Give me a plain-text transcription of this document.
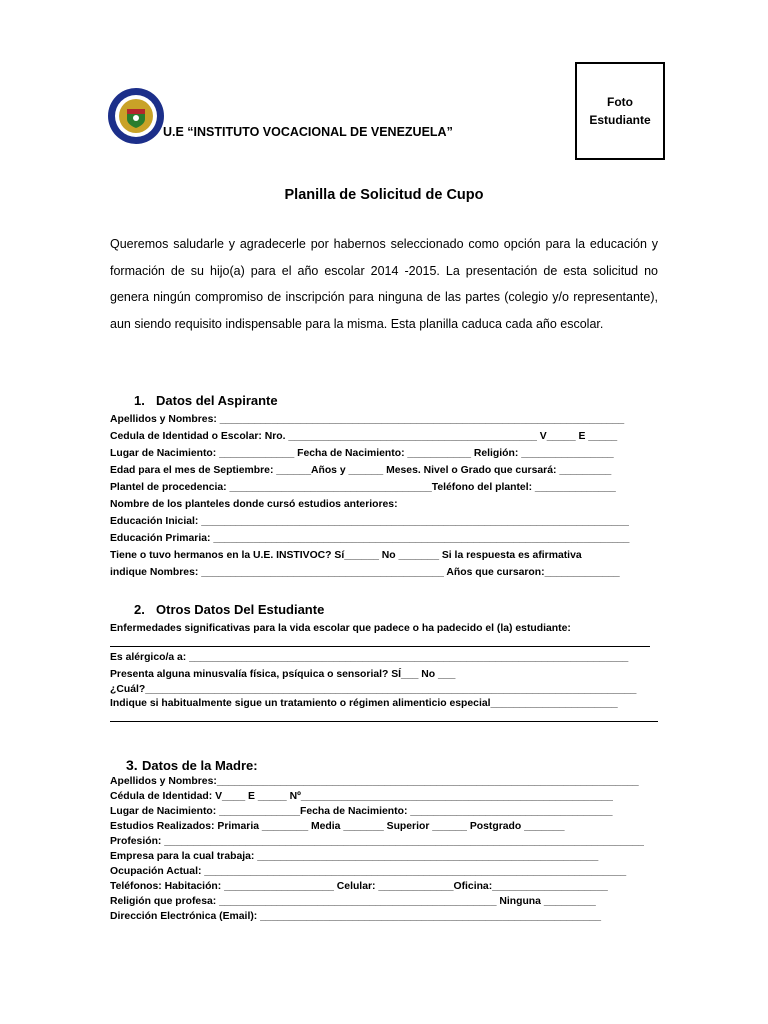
U.E “INSTITUTO VOCACIONAL DE VENEZUELA”
Foto
Estudiante
Planilla de Solicitud de Cupo

Queremos saludarle y agradecerle por habernos seleccionado como opción para la educación y formación de su hijo(a) para el año escolar 2014 -2015. La presentación de esta solicitud no genera ningún compromiso de inscripción para ninguna de las partes (colegio y/o representante), aun siendo requisito indispensable para la misma. Esta planilla caduca cada año escolar.

1. Datos del Aspirante
Apellidos y Nombres: ______________________________________________________________________
Cedula de Identidad o Escolar: Nro. ___________________________________________ V_____ E _____
Lugar de Nacimiento: _____________ Fecha de Nacimiento: ___________ Religión: ________________
Edad para el mes de Septiembre: ______Años y ______ Meses. Nivel o Grado que cursará: _________
Plantel de procedencia: ___________________________________Teléfono del plantel: ______________
Nombre de los planteles donde cursó estudios anteriores:
Educación Inicial: __________________________________________________________________________
Educación Primaria: ________________________________________________________________________
Tiene o tuvo hermanos en la U.E. INSTIVOC? Sí______ No _______ Si la respuesta es afirmativa
indique Nombres: __________________________________________ Años que cursaron:_____________
2. Otros Datos Del Estudiante
Enfermedades significativas para la vida escolar que padece o ha padecido el (la) estudiante:
Es alérgico/a a: ____________________________________________________________________________
Presenta alguna minusvalía física, psíquica o sensorial? SÍ___ No ___
¿Cuál?_____________________________________________________________________________________
Indique si habitualmente sigue un tratamiento o régimen alimenticio especial______________________
3. Datos de la Madre:
Apellidos y Nombres:_________________________________________________________________________
Cédula de Identidad: V____ E _____ Nº______________________________________________________
Lugar de Nacimiento: ______________Fecha de Nacimiento: ___________________________________
Estudios Realizados: Primaria ________ Media _______ Superior ______ Postgrado _______
Profesión: ___________________________________________________________________________________
Empresa para la cual trabaja: ___________________________________________________________
Ocupación Actual: _________________________________________________________________________
Teléfonos: Habitación: ___________________ Celular: _____________Oficina:____________________
Religión que profesa: ________________________________________________ Ninguna _________
Dirección Electrónica (Email): ___________________________________________________________
